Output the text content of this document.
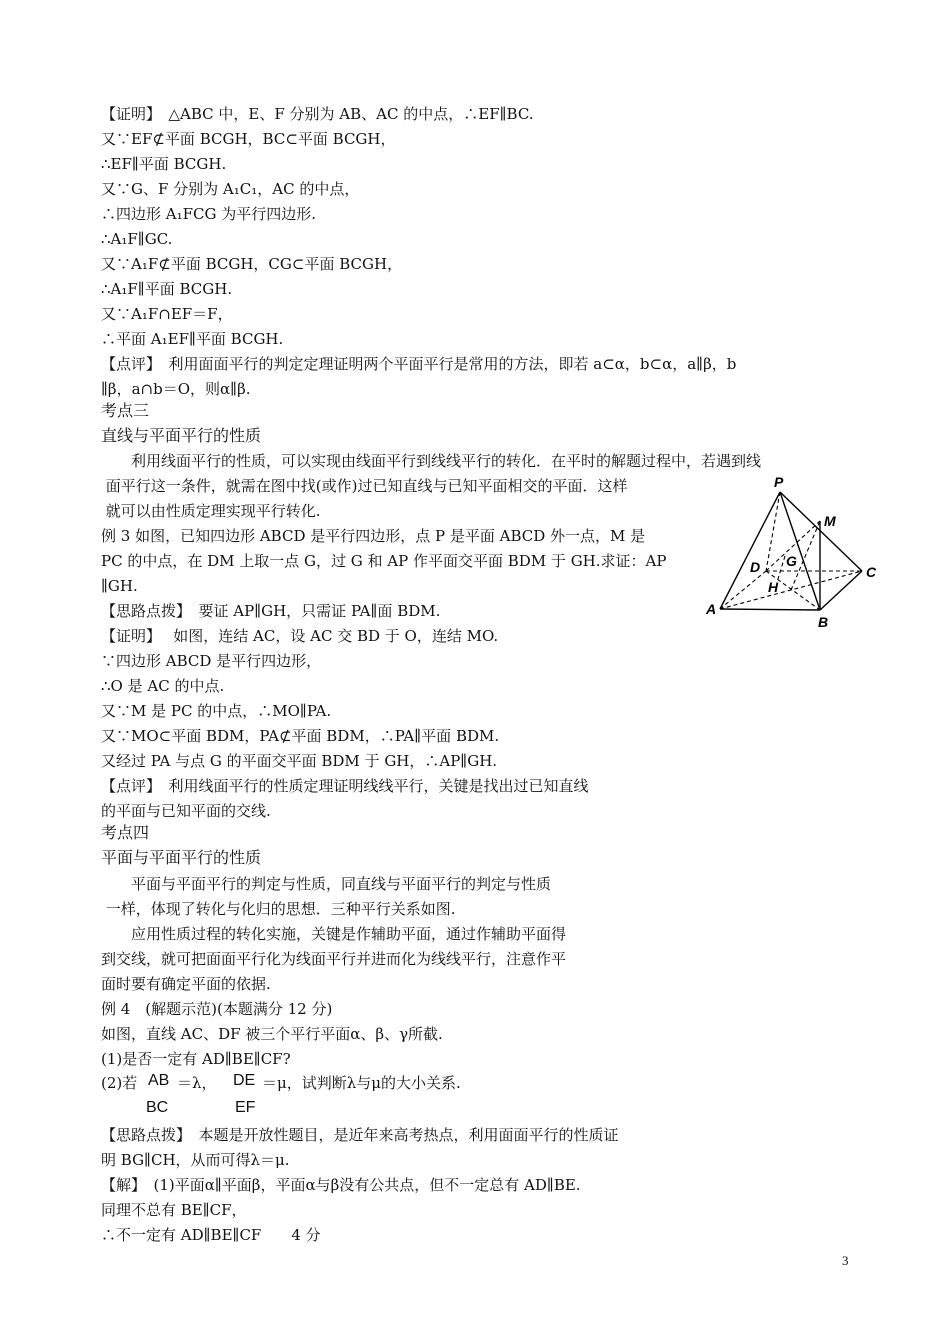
【证明】　△ABC 中，E、F 分别为 AB、AC 的中点，∴EF∥BC.
又∵EF⊄平面 BCGH，BC⊂平面 BCGH，
∴EF∥平面 BCGH.
又∵G、F 分别为 A₁C₁，AC 的中点，
∴四边形 A₁FCG 为平行四边形.
∴A₁F∥GC.
又∵A₁F⊄平面 BCGH，CG⊂平面 BCGH，
∴A₁F∥平面 BCGH.
又∵A₁F∩EF＝F，
∴平面 A₁EF∥平面 BCGH.
【点评】　利用面面平行的判定定理证明两个平面平行是常用的方法，即若 a⊂α，b⊂α，a∥β，b
∥β，a∩b＝O，则α∥β.
考点三
直线与平面平行的性质
　　利用线面平行的性质，可以实现由线面平行到线线平行的转化．在平时的解题过程中，若遇到线
面平行这一条件，就需在图中找(或作)过已知直线与已知平面相交的平面．这样
就可以由性质定理实现平行转化.
例 3 如图，已知四边形 ABCD 是平行四边形，点 P 是平面 ABCD 外一点，M 是
PC 的中点，在 DM 上取一点 G，过 G 和 AP 作平面交平面 BDM 于 GH.求证：AP
∥GH.
【思路点拨】　要证 AP∥GH，只需证 PA∥面 BDM.
【证明】　 如图，连结 AC，设 AC 交 BD 于 O，连结 MO.
∵四边形 ABCD 是平行四边形，
∴O 是 AC 的中点.
又∵M 是 PC 的中点，∴MO∥PA.
又∵MO⊂平面 BDM，PA⊄平面 BDM，∴PA∥平面 BDM.
又经过 PA 与点 G 的平面交平面 BDM 于 GH，∴AP∥GH.
【点评】　利用线面平行的性质定理证明线线平行，关键是找出过已知直线
的平面与已知平面的交线.
考点四
平面与平面平行的性质
　　平面与平面平行的判定与性质，同直线与平面平行的判定与性质
一样，体现了转化与化归的思想．三种平行关系如图.
　　应用性质过程的转化实施，关键是作辅助平面，通过作辅助平面得
到交线，就可把面面平行化为线面平行并进而化为线线平行，注意作平
面时要有确定平面的依据.
例 4　(解题示范)(本题满分 12 分)
如图，直线 AC、DF 被三个平行平面α、β、γ所截.
(1)是否一定有 AD∥BE∥CF?
(2)若
【思路点拨】　本题是开放性题目，是近年来高考热点，利用面面平行的性质证
明 BG∥CH，从而可得λ＝μ.
【解】　(1)平面α∥平面β，平面α与β没有公共点，但不一定总有 AD∥BE.
同理不总有 BE∥CF，
∴不一定有 AD∥BE∥CF　　4 分
AB ＝λ， DE ＝μ，试判断λ与μ的大小关系.
BC	EF
P
M
D G
C
H
A
B
3
